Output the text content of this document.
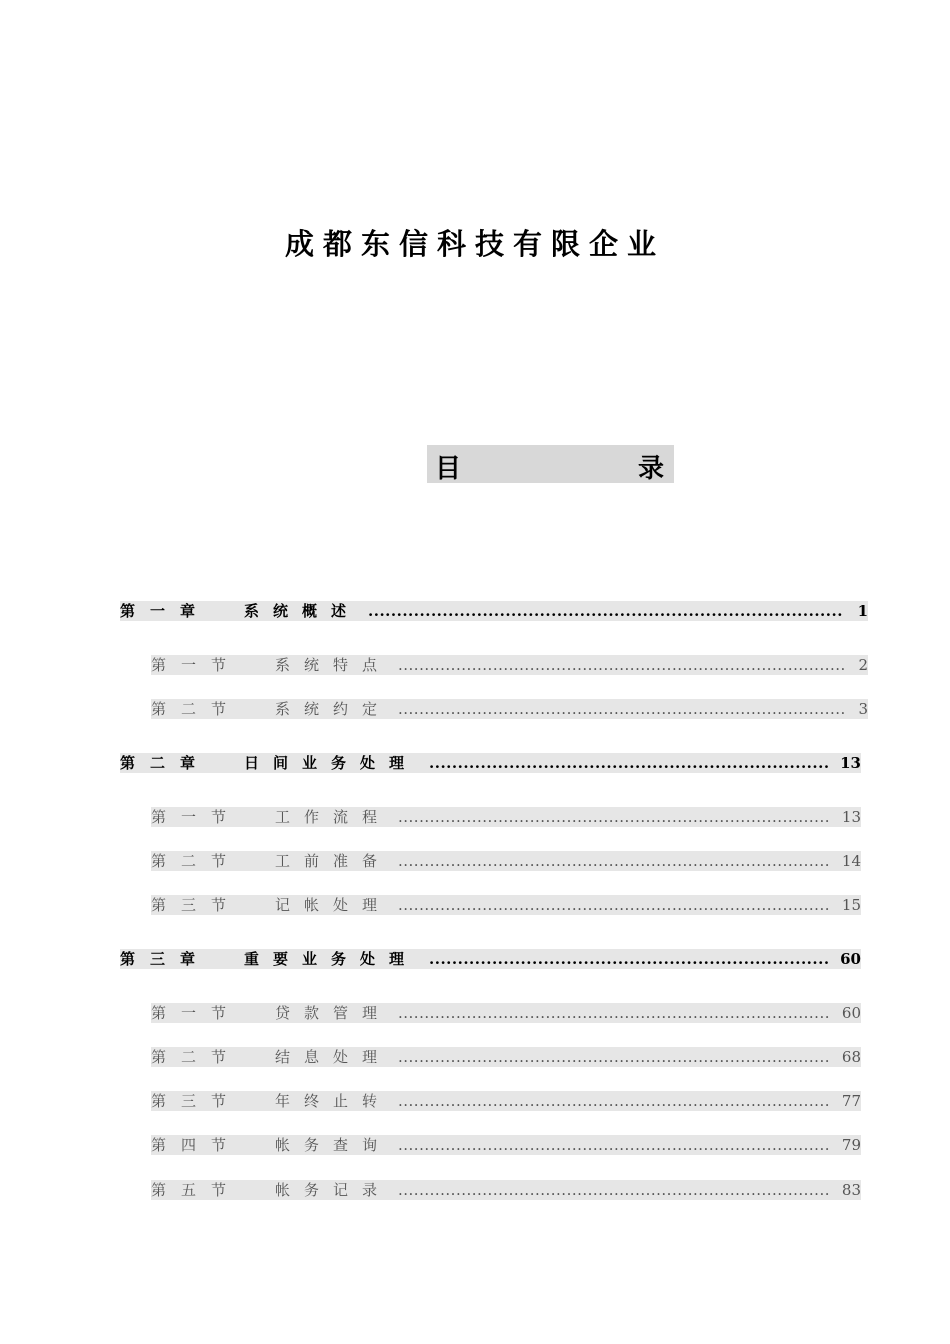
成都东信科技有限企业
目	录
第一章 系统概述 .....	1
第一节 系统特点 .....	2
第二节 系统约定 .....	3
第二章 日间业务处理 .....	13
第一节 工作流程 .....	13
第二节 工前准备 .....	14
第三节 记帐处理 .....	15
第三章 重要业务处理 .....	60
第一节 贷款管理 .....	60
第二节 结息处理 .....	68
第三节 年终止转 .....	77
第四节 帐务查询 .....	79
第五节 帐务记录 .....	83
